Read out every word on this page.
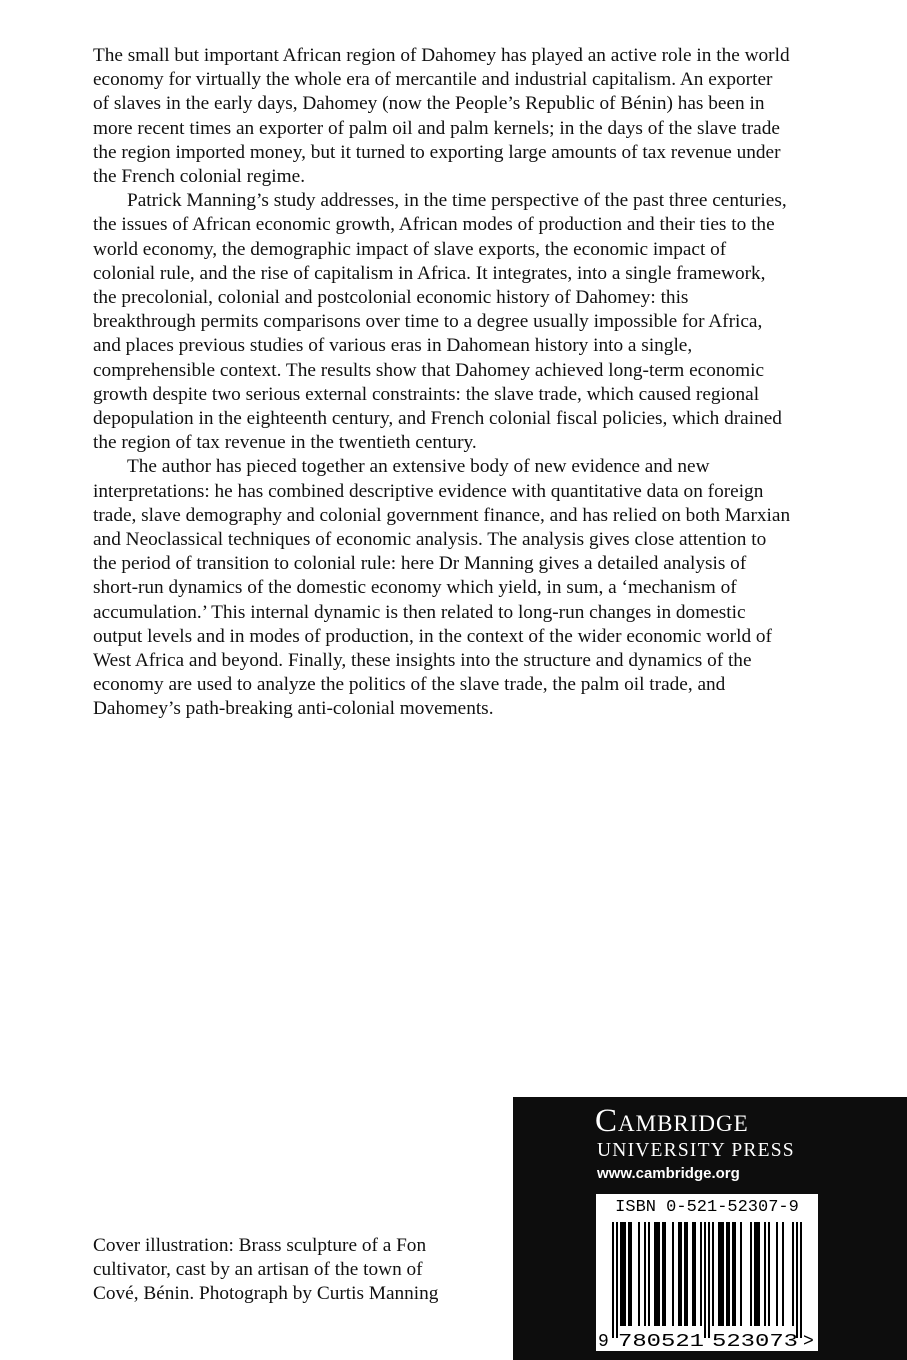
The small but important African region of Dahomey has played an active role in the world economy for virtually the whole era of mercantile and industrial capitalism. An exporter of slaves in the early days, Dahomey (now the People’s Republic of Bénin) has been in more recent times an exporter of palm oil and palm kernels; in the days of the slave trade the region imported money, but it turned to exporting large amounts of tax revenue under the French colonial regime.

Patrick Manning’s study addresses, in the time perspective of the past three centuries, the issues of African economic growth, African modes of production and their ties to the world economy, the demographic impact of slave exports, the economic impact of colonial rule, and the rise of capitalism in Africa. It integrates, into a single framework, the precolonial, colonial and postcolonial economic history of Dahomey: this breakthrough permits comparisons over time to a degree usually impossible for Africa, and places previous studies of various eras in Dahomean history into a single, comprehensible context. The results show that Dahomey achieved long-term economic growth despite two serious external constraints: the slave trade, which caused regional depopulation in the eighteenth century, and French colonial fiscal policies, which drained the region of tax revenue in the twentieth century.

The author has pieced together an extensive body of new evidence and new interpretations: he has combined descriptive evidence with quantitative data on foreign trade, slave demography and colonial government finance, and has relied on both Marxian and Neoclassical techniques of economic analysis. The analysis gives close attention to the period of transition to colonial rule: here Dr Manning gives a detailed analysis of short-run dynamics of the domestic economy which yield, in sum, a ‘mechanism of accumulation.’ This internal dynamic is then related to long-run changes in domestic output levels and in modes of production, in the context of the wider economic world of West Africa and beyond. Finally, these insights into the structure and dynamics of the economy are used to analyze the politics of the slave trade, the palm oil trade, and Dahomey’s path-breaking anti-colonial movements.

Cover illustration: Brass sculpture of a Fon
cultivator, cast by an artisan of the town of
Cové, Bénin. Photograph by Curtis Manning
Cambridge
UNIVERSITY PRESS
www.cambridge.org
ISBN 0-521-52307-9
9 780521 523073 >
